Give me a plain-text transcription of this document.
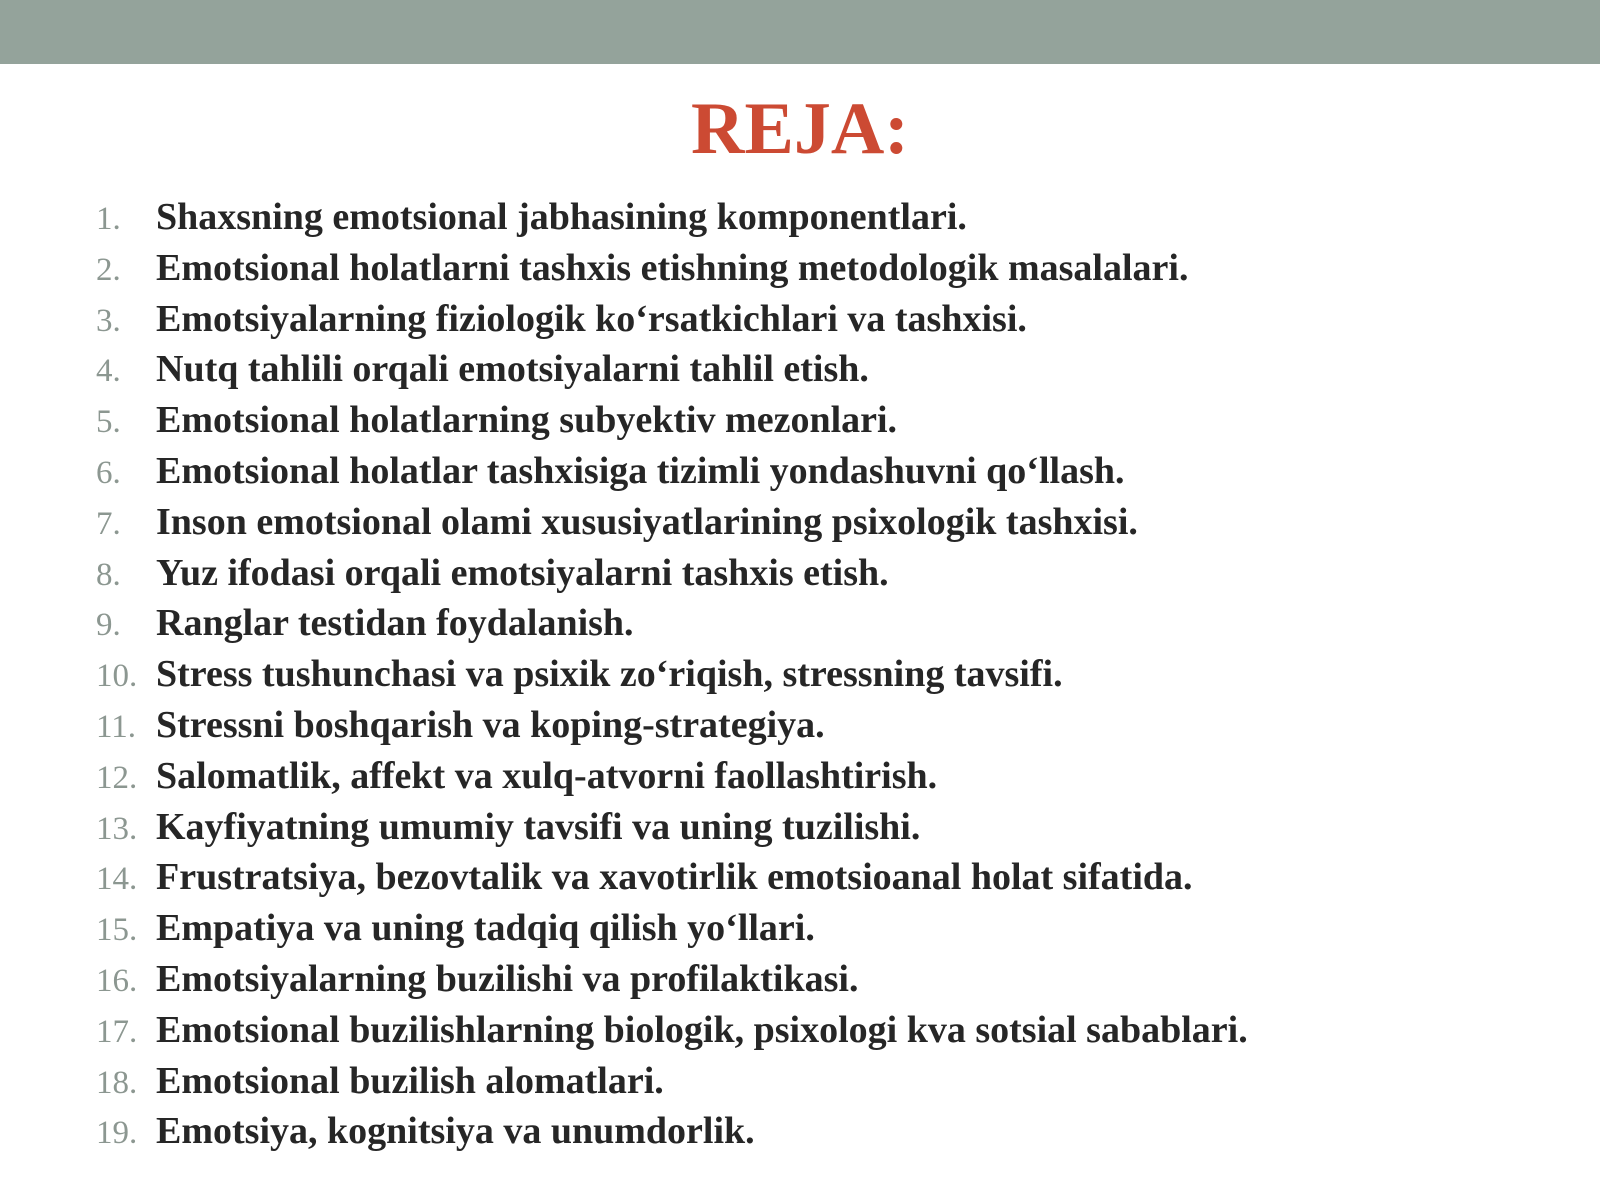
REJA:
1. Shaxsning emotsional jabhasining komponentlari.
2. Emotsional holatlarni tashxis etishning metodologik masalalari.
3. Emotsiyalarning fiziologik ko‘rsatkichlari va tashxisi.
4. Nutq tahlili orqali emotsiyalarni tahlil etish.
5. Emotsional holatlarning subyektiv mezonlari.
6. Emotsional holatlar tashxisiga tizimli yondashuvni qo‘llash.
7. Inson emotsional olami xususiyatlarining psixologik tashxisi.
8. Yuz ifodasi orqali emotsiyalarni tashxis etish.
9. Ranglar testidan foydalanish.
10. Stress tushunchasi va psixik zo‘riqish, stressning tavsifi.
11. Stressni boshqarish va koping-strategiya.
12. Salomatlik, affekt va xulq-atvorni faollashtirish.
13. Kayfiyatning umumiy tavsifi va uning tuzilishi.
14. Frustratsiya, bezovtalik va xavotirlik emotsioanal holat sifatida.
15. Empatiya va uning tadqiq qilish yo‘llari.
16. Emotsiyalarning buzilishi va profilaktikasi.
17. Emotsional buzilishlarning biologik, psixologi kva sotsial sabablari.
18. Emotsional buzilish alomatlari.
19. Emotsiya, kognitsiya va unumdorlik.
